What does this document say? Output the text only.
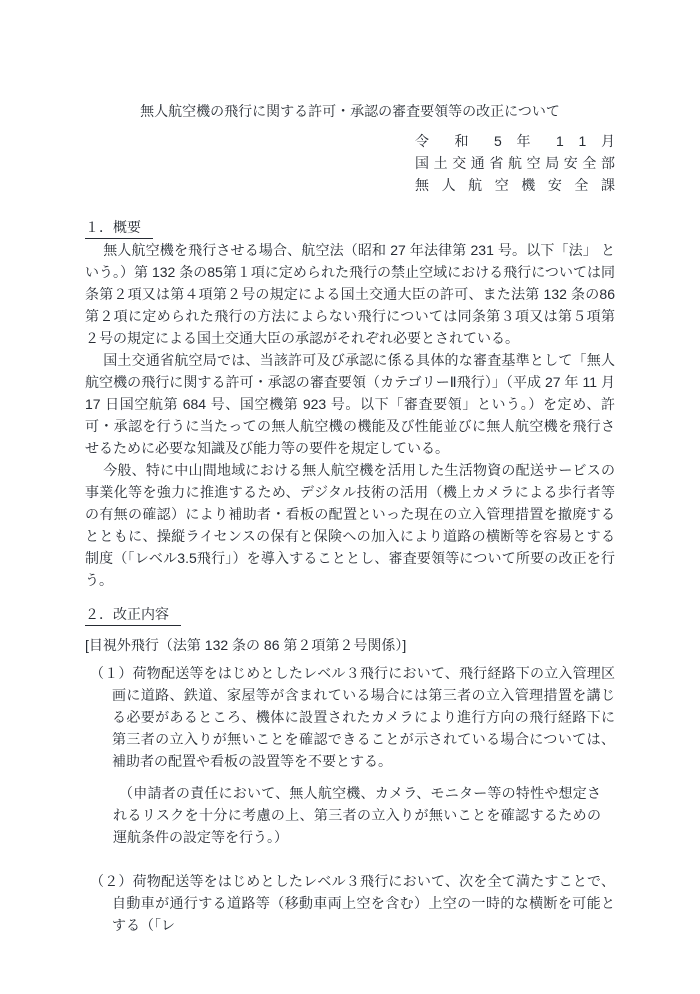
無人航空機の飛行に関する許可・承認の審査要領等の改正について
令 和 5 年 1 1 月
国土交通省航空局安全部
無 人 航 空 機 安 全 課
１．概要

無人航空機を飛行させる場合、航空法（昭和 27 年法律第 231 号。以下「法」 という。）第 132 条の85第１項に定められた飛行の禁止空域における飛行については同条第２項又は第４項第２号の規定による国土交通大臣の許可、また法第 132 条の86第２項に定められた飛行の方法によらない飛行については同条第３項又は第５項第２号の規定による国土交通大臣の承認がそれぞれ必要とされている。

国土交通省航空局では、当該許可及び承認に係る具体的な審査基準として「無人航空機の飛行に関する許可・承認の審査要領（カテゴリーⅡ飛行）」（平成 27 年 11 月 17 日国空航第 684 号、国空機第 923 号。以下「審査要領」という。）を定め、許可・承認を行うに当たっての無人航空機の機能及び性能並びに無人航空機を飛行させるために必要な知識及び能力等の要件を規定している。

今般、特に中山間地域における無人航空機を活用した生活物資の配送サービスの事業化等を強力に推進するため、デジタル技術の活用（機上カメラによる歩行者等の有無の確認）により補助者・看板の配置といった現在の立入管理措置を撤廃するとともに、操縦ライセンスの保有と保険への加入により道路の横断等を容易とする制度（「レベル3.5飛行」）を導入することとし、審査要領等について所要の改正を行う。

２．改正内容
[目視外飛行（法第 132 条の 86 第２項第２号関係）]

（１）荷物配送等をはじめとしたレベル３飛行において、飛行経路下の立入管理区画に道路、鉄道、家屋等が含まれている場合には第三者の立入管理措置を講じる必要があるところ、機体に設置されたカメラにより進行方向の飛行経路下に第三者の立入りが無いことを確認できることが示されている場合については、補助者の配置や看板の設置等を不要とする。

（申請者の責任において、無人航空機、カメラ、モニター等の特性や想定されるリスクを十分に考慮の上、第三者の立入りが無いことを確認するための運航条件の設定等を行う。）

（２）荷物配送等をはじめとしたレベル３飛行において、次を全て満たすことで、自動車が通行する道路等（移動車両上空を含む）上空の一時的な横断を可能とする（「レ
